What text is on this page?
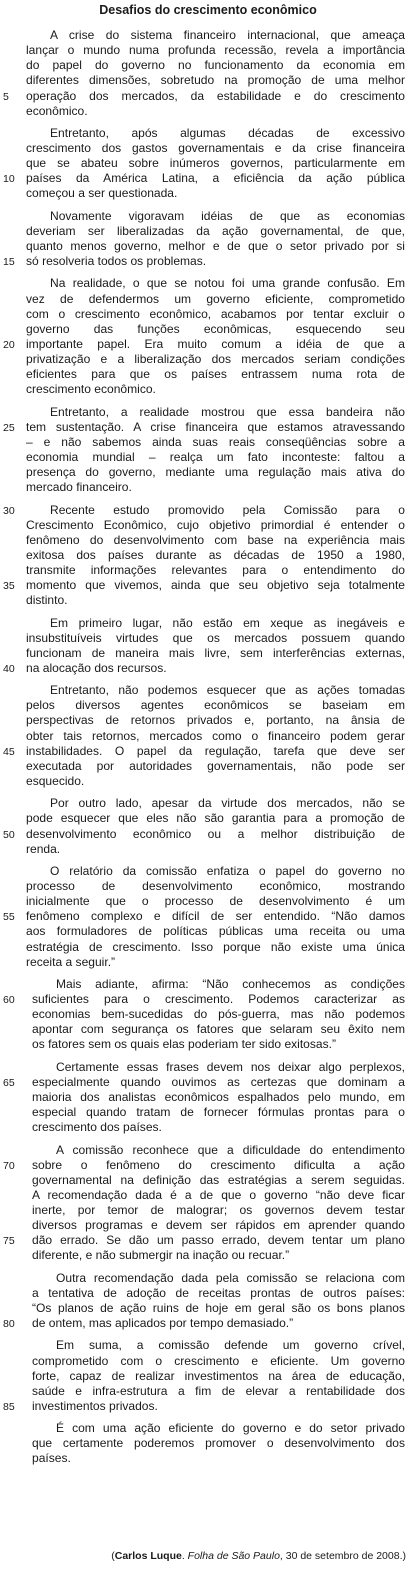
Desafios do crescimento econômico
A crise do sistema financeiro internacional, que ameaça
lançar o mundo numa profunda recessão, revela a importância
do papel do governo no funcionamento da economia em
diferentes dimensões, sobretudo na promoção de uma melhor
operação dos mercados, da estabilidade e do crescimento
econômico.
Entretanto, após algumas décadas de excessivo
crescimento dos gastos governamentais e da crise financeira
que se abateu sobre inúmeros governos, particularmente em
países da América Latina, a eficiência da ação pública
começou a ser questionada.
Novamente vigoravam idéias de que as economias
deveriam ser liberalizadas da ação governamental, de que,
quanto menos governo, melhor e de que o setor privado por si
só resolveria todos os problemas.
Na realidade, o que se notou foi uma grande confusão. Em
vez de defendermos um governo eficiente, comprometido
com o crescimento econômico, acabamos por tentar excluir o
governo das funções econômicas, esquecendo seu
importante papel. Era muito comum a idéia de que a
privatização e a liberalização dos mercados seriam condições
eficientes para que os países entrassem numa rota de
crescimento econômico.
Entretanto, a realidade mostrou que essa bandeira não
tem sustentação. A crise financeira que estamos atravessando
– e não sabemos ainda suas reais conseqüências sobre a
economia mundial – realça um fato inconteste: faltou a
presença do governo, mediante uma regulação mais ativa do
mercado financeiro.
Recente estudo promovido pela Comissão para o
Crescimento Econômico, cujo objetivo primordial é entender o
fenômeno do desenvolvimento com base na experiência mais
exitosa dos países durante as décadas de 1950 a 1980,
transmite informações relevantes para o entendimento do
momento que vivemos, ainda que seu objetivo seja totalmente
distinto.
Em primeiro lugar, não estão em xeque as inegáveis e
insubstituíveis virtudes que os mercados possuem quando
funcionam de maneira mais livre, sem interferências externas,
na alocação dos recursos.
Entretanto, não podemos esquecer que as ações tomadas
pelos diversos agentes econômicos se baseiam em
perspectivas de retornos privados e, portanto, na ânsia de
obter tais retornos, mercados como o financeiro podem gerar
instabilidades. O papel da regulação, tarefa que deve ser
executada por autoridades governamentais, não pode ser
esquecido.
Por outro lado, apesar da virtude dos mercados, não se
pode esquecer que eles não são garantia para a promoção de
desenvolvimento econômico ou a melhor distribuição de
renda.
O relatório da comissão enfatiza o papel do governo no
processo de desenvolvimento econômico, mostrando
inicialmente que o processo de desenvolvimento é um
fenômeno complexo e difícil de ser entendido. “Não damos
aos formuladores de políticas públicas uma receita ou uma
estratégia de crescimento. Isso porque não existe uma única
receita a seguir.”
Mais adiante, afirma: “Não conhecemos as condições
suficientes para o crescimento. Podemos caracterizar as
economias bem-sucedidas do pós-guerra, mas não podemos
apontar com segurança os fatores que selaram seu êxito nem
os fatores sem os quais elas poderiam ter sido exitosas.”
Certamente essas frases devem nos deixar algo perplexos,
especialmente quando ouvimos as certezas que dominam a
maioria dos analistas econômicos espalhados pelo mundo, em
especial quando tratam de fornecer fórmulas prontas para o
crescimento dos países.
A comissão reconhece que a dificuldade do entendimento
sobre o fenômeno do crescimento dificulta a ação
governamental na definição das estratégias a serem seguidas.
A recomendação dada é a de que o governo “não deve ficar
inerte, por temor de malograr; os governos devem testar
diversos programas e devem ser rápidos em aprender quando
dão errado. Se dão um passo errado, devem tentar um plano
diferente, e não submergir na inação ou recuar.”
Outra recomendação dada pela comissão se relaciona com
a tentativa de adoção de receitas prontas de outros países:
“Os planos de ação ruins de hoje em geral são os bons planos
de ontem, mas aplicados por tempo demasiado.”
Em suma, a comissão defende um governo crível,
comprometido com o crescimento e eficiente. Um governo
forte, capaz de realizar investimentos na área de educação,
saúde e infra-estrutura a fim de elevar a rentabilidade dos
investimentos privados.
É com uma ação eficiente do governo e do setor privado
que certamente poderemos promover o desenvolvimento dos
países.
5
10
15
20
25
30
35
40
45
50
55
60
65
70
75
80
85
(Carlos Luque. Folha de São Paulo, 30 de setembro de 2008.)
